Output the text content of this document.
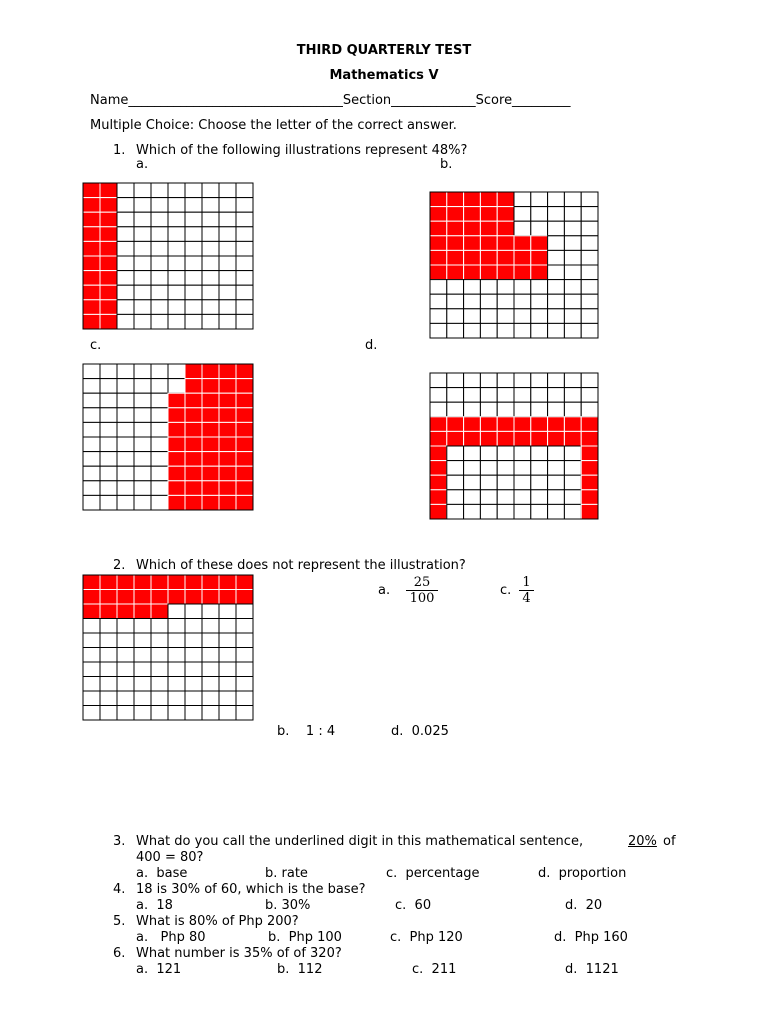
THIRD QUARTERLY TEST
Mathematics V
Name_________________________________Section_____________Score_________
Multiple Choice: Choose the letter of the correct answer.
1. Which of the following illustrations represent 48%?
a.	b.
c.	d.
2. Which of these does not represent the illustration?
a. $\frac{25}{100}$	c. $\frac{1}{4}$
b.    1 : 4	d.  0.025
3. What do you call the underlined digit in this mathematical sentence,	20% of
400 = 80?
a.  base	b. rate	c.  percentage	d.  proportion
4. 18 is 30% of 60, which is the base?
a.  18	b. 30%	c.  60	d.  20
5. What is 80% of Php 200?
a.   Php 80	b.  Php 100	c.  Php 120	d.  Php 160
6. What number is 35% of of 320?
a.  121	b.  112	c.  211	d.  1121
